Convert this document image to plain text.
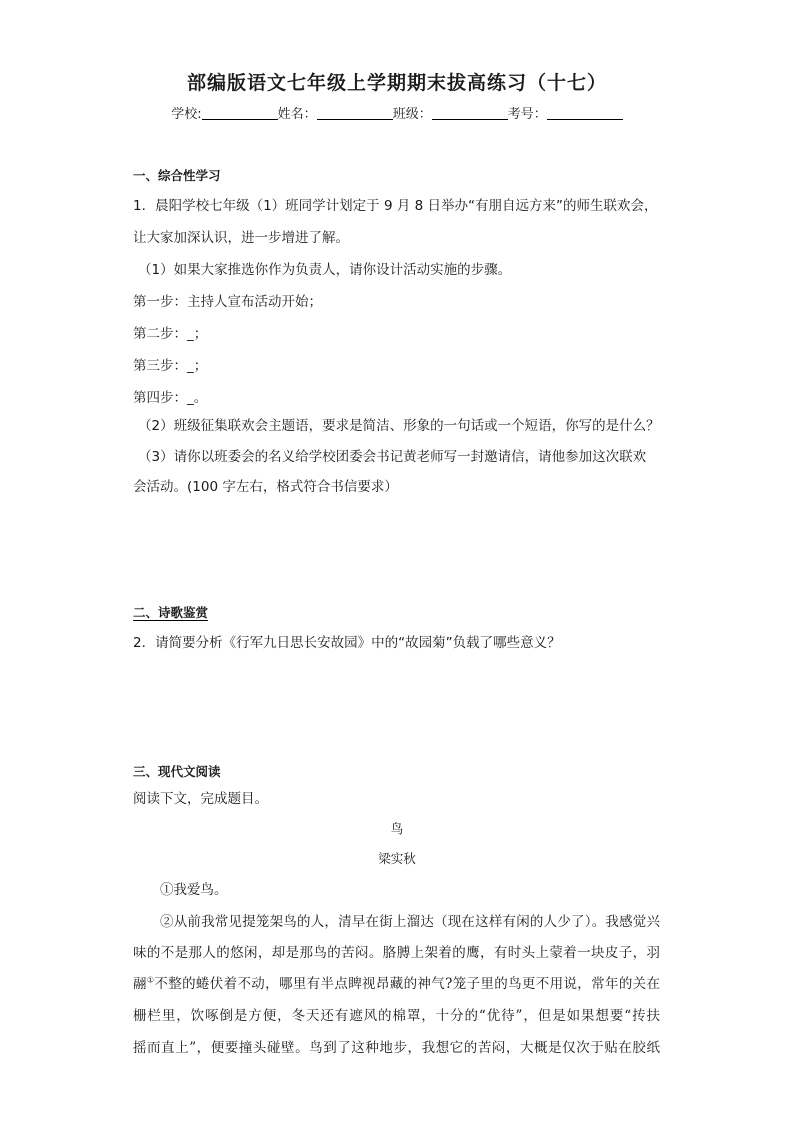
部编版语文七年级上学期期末拔高练习（十七）
学校:	姓名：	班级：	考号：
一、综合性学习
1．晨阳学校七年级（1）班同学计划定于 9 月 8 日举办“有朋自远方来”的师生联欢会，
让大家加深认识，进一步增进了解。
（1）如果大家推选你作为负责人，请你设计活动实施的步骤。
第一步：主持人宣布活动开始；
第二步：_；
第三步：_；
第四步：_。
（2）班级征集联欢会主题语，要求是简洁、形象的一句话或一个短语，你写的是什么？
（3）请你以班委会的名义给学校团委会书记黄老师写一封邀请信，请他参加这次联欢
会活动。(100 字左右，格式符合书信要求）
二、诗歌鉴赏
2．请简要分析《行军九日思长安故园》中的“故园菊”负载了哪些意义？
三、现代文阅读
阅读下文，完成题目。
鸟
梁实秋
①我爱鸟。
②从前我常见提笼架鸟的人，清早在街上溜达（现在这样有闲的人少了）。我感觉兴
味的不是那人的悠闲，却是那鸟的苦闷。胳膊上架着的鹰，有时头上蒙着一块皮子，羽
翮①不整的蜷伏着不动，哪里有半点睥视昂藏的神气?笼子里的鸟更不用说，常年的关在
栅栏里，饮啄倒是方便，冬天还有遮风的棉罩，十分的“优待”，但是如果想要“抟扶
摇而直上”，便要撞头碰壁。鸟到了这种地步，我想它的苦闷，大概是仅次于贴在胶纸
